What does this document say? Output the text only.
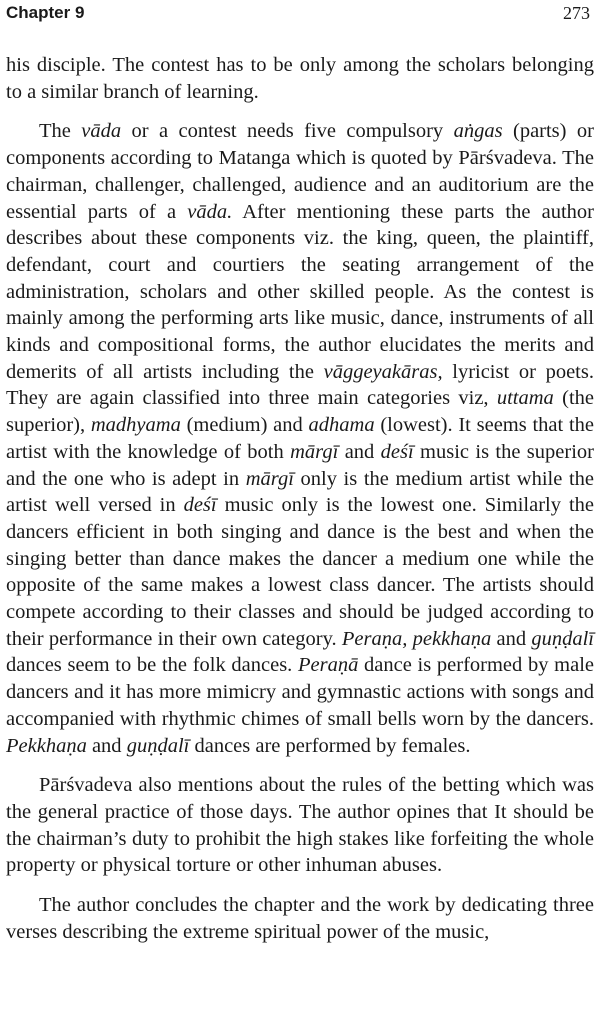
Chapter 9	273

his disciple. The contest has to be only among the scholars belonging to a similar branch of learning.

The vāda or a contest needs five compulsory aṅgas (parts) or components according to Matanga which is quoted by Pārśvadeva. The chairman, challenger, challenged, audience and an auditorium are the essential parts of a vāda. After mentioning these parts the author describes about these components viz. the king, queen, the plaintiff, defendant, court and courtiers the seating arrangement of the administration, scholars and other skilled people. As the contest is mainly among the performing arts like music, dance, instruments of all kinds and compositional forms, the author elucidates the merits and demerits of all artists including the vāggeyakāras, lyricist or poets. They are again classified into three main categories viz, uttama (the superior), madhyama (medium) and adhama (lowest). It seems that the artist with the knowledge of both mārgī and deśī music is the superior and the one who is adept in mārgī only is the medium artist while the artist well versed in deśī music only is the lowest one. Similarly the dancers efficient in both singing and dance is the best and when the singing better than dance makes the dancer a medium one while the opposite of the same makes a lowest class dancer. The artists should compete according to their classes and should be judged according to their performance in their own category. Peraṇa, pekkhaṇa and guṇḍalī dances seem to be the folk dances. Peraṇā dance is performed by male dancers and it has more mimicry and gymnastic actions with songs and accompanied with rhythmic chimes of small bells worn by the dancers. Pekkhaṇa and guṇḍalī dances are performed by females.

Pārśvadeva also mentions about the rules of the betting which was the general practice of those days. The author opines that It should be the chairman’s duty to prohibit the high stakes like forfeiting the whole property or physical torture or other inhuman abuses.

The author concludes the chapter and the work by dedicating three verses describing the extreme spiritual power of the music,
